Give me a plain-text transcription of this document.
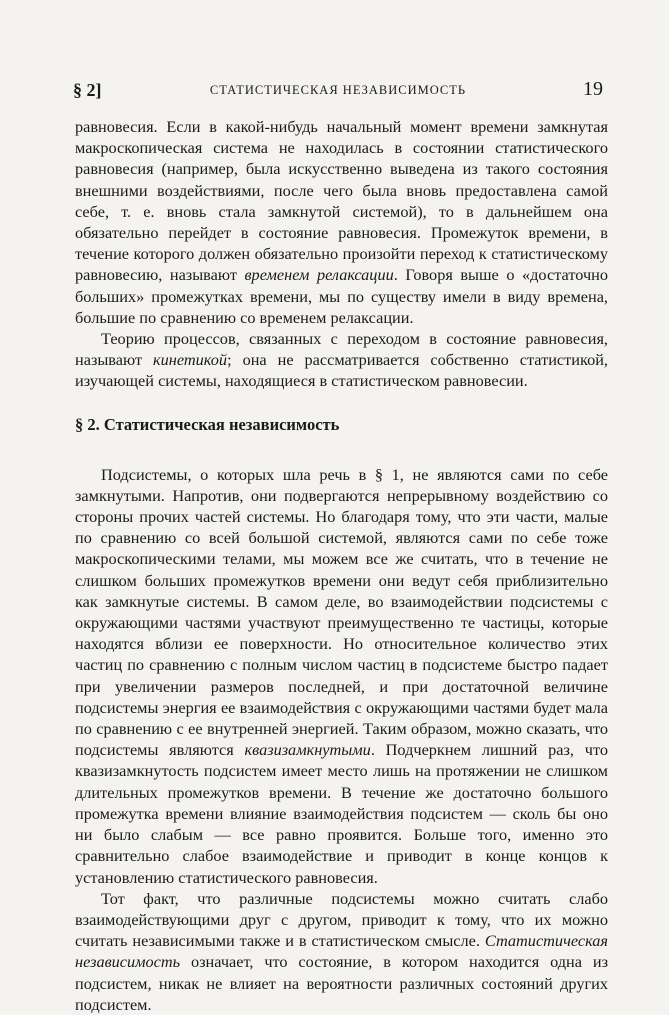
§ 2]	СТАТИСТИЧЕСКАЯ НЕЗАВИСИМОСТЬ	19

равновесия. Если в какой-нибудь начальный момент времени замкнутая макроскопическая система не находилась в состоянии статистического равновесия (например, была искусственно выведена из такого состояния внешними воздействиями, после чего была вновь предоставлена самой себе, т. е. вновь стала замкнутой системой), то в дальнейшем она обязательно перейдет в состояние равновесия. Промежуток времени, в течение которого должен обязательно произойти переход к статистическому равновесию, называют временем релаксации. Говоря выше о «достаточно больших» промежутках времени, мы по существу имели в виду времена, большие по сравнению со временем релаксации.

Теорию процессов, связанных с переходом в состояние равновесия, называют кинетикой; она не рассматривается собственно статистикой, изучающей системы, находящиеся в статистическом равновесии.

§ 2. Статистическая независимость

Подсистемы, о которых шла речь в § 1, не являются сами по себе замкнутыми. Напротив, они подвергаются непрерывному воздействию со стороны прочих частей системы. Но благодаря тому, что эти части, малые по сравнению со всей большой системой, являются сами по себе тоже макроскопическими телами, мы можем все же считать, что в течение не слишком больших промежутков времени они ведут себя приблизительно как замкнутые системы. В самом деле, во взаимодействии подсистемы с окружающими частями участвуют преимущественно те частицы, которые находятся вблизи ее поверхности. Но относительное количество этих частиц по сравнению с полным числом частиц в подсистеме быстро падает при увеличении размеров последней, и при достаточной величине подсистемы энергия ее взаимодействия с окружающими частями будет мала по сравнению с ее внутренней энергией. Таким образом, можно сказать, что подсистемы являются квазизамкнутыми. Подчеркнем лишний раз, что квазизамкнутость подсистем имеет место лишь на протяжении не слишком длительных промежутков времени. В течение же достаточно большого промежутка времени влияние взаимодействия подсистем — сколь бы оно ни было слабым — все равно проявится. Больше того, именно это сравнительно слабое взаимодействие и приводит в конце концов к установлению статистического равновесия.

Тот факт, что различные подсистемы можно считать слабо взаимодействующими друг с другом, приводит к тому, что их можно считать независимыми также и в статистическом смысле. Статистическая независимость означает, что состояние, в котором находится одна из подсистем, никак не влияет на вероятности различных состояний других подсистем.
